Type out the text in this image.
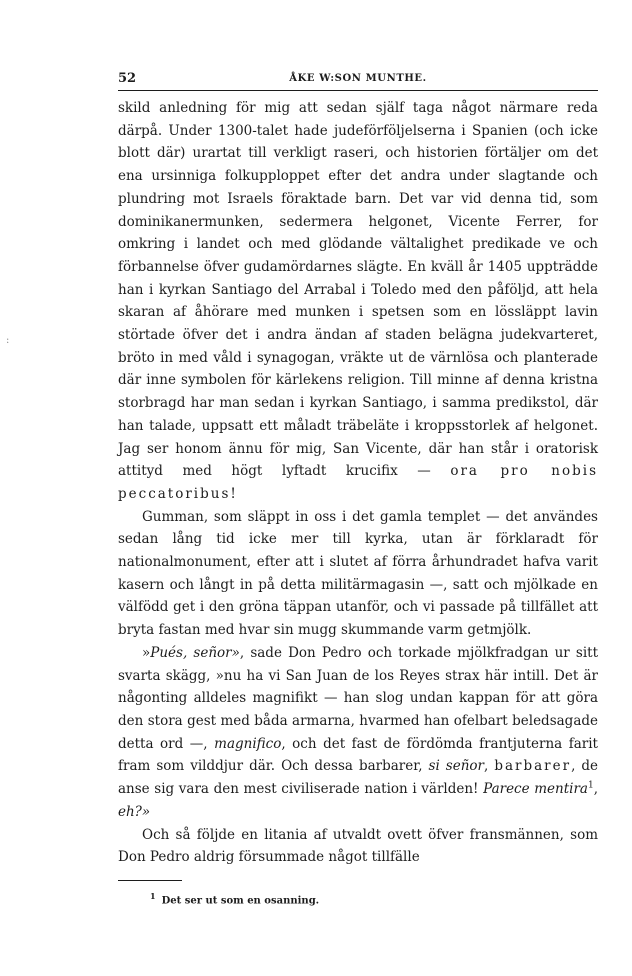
:
52	ÅKE W:SON MUNTHE.

skild anledning för mig att sedan själf taga något närmare reda därpå. Under 1300-talet hade judeförföljelserna i Spanien (och icke blott där) urartat till verkligt raseri, och historien förtäljer om det ena ursinniga folkupploppet efter det andra under slagtande och plundring mot Israels föraktade barn. Det var vid denna tid, som dominikanermunken, sedermera helgonet, Vicente Ferrer, for omkring i landet och med glödande vältalighet predikade ve och förbannelse öfver gudamördarnes slägte. En kväll år 1405 uppträdde han i kyrkan Santiago del Arrabal i Toledo med den påföljd, att hela skaran af åhörare med munken i spetsen som en lössläppt lavin störtade öfver det i andra ändan af staden belägna judekvarteret, bröto in med våld i synagogan, vräkte ut de värnlösa och planterade där inne symbolen för kärlekens religion. Till minne af denna kristna storbragd har man sedan i kyrkan Santiago, i samma predikstol, där han talade, uppsatt ett måladt träbeläte i kroppsstorlek af helgonet. Jag ser honom ännu för mig, San Vicente, där han står i oratorisk attityd med högt lyftadt krucifix — ora pro nobis peccatoribus!

Gumman, som släppt in oss i det gamla templet — det användes sedan lång tid icke mer till kyrka, utan är förklaradt för nationalmonument, efter att i slutet af förra århundradet hafva varit kasern och långt in på detta militärmagasin —, satt och mjölkade en välfödd get i den gröna täppan utanför, och vi passade på tillfället att bryta fastan med hvar sin mugg skummande varm getmjölk.

»Pués, señor», sade Don Pedro och torkade mjölkfradgan ur sitt svarta skägg, »nu ha vi San Juan de los Reyes strax här intill. Det är någonting alldeles magnifikt — han slog undan kappan för att göra den stora gest med båda armarna, hvarmed han ofelbart beledsagade detta ord —, magnifico, och det fast de fördömda frantjuterna farit fram som vilddjur där. Och dessa barbarer, si señor, barbarer, de anse sig vara den mest civiliserade nation i världen! Parece mentira$^1$, eh?»

Och så följde en litania af utvaldt ovett öfver fransmännen, som Don Pedro aldrig försummade något tillfälle

$^1$ Det ser ut som en osanning.
